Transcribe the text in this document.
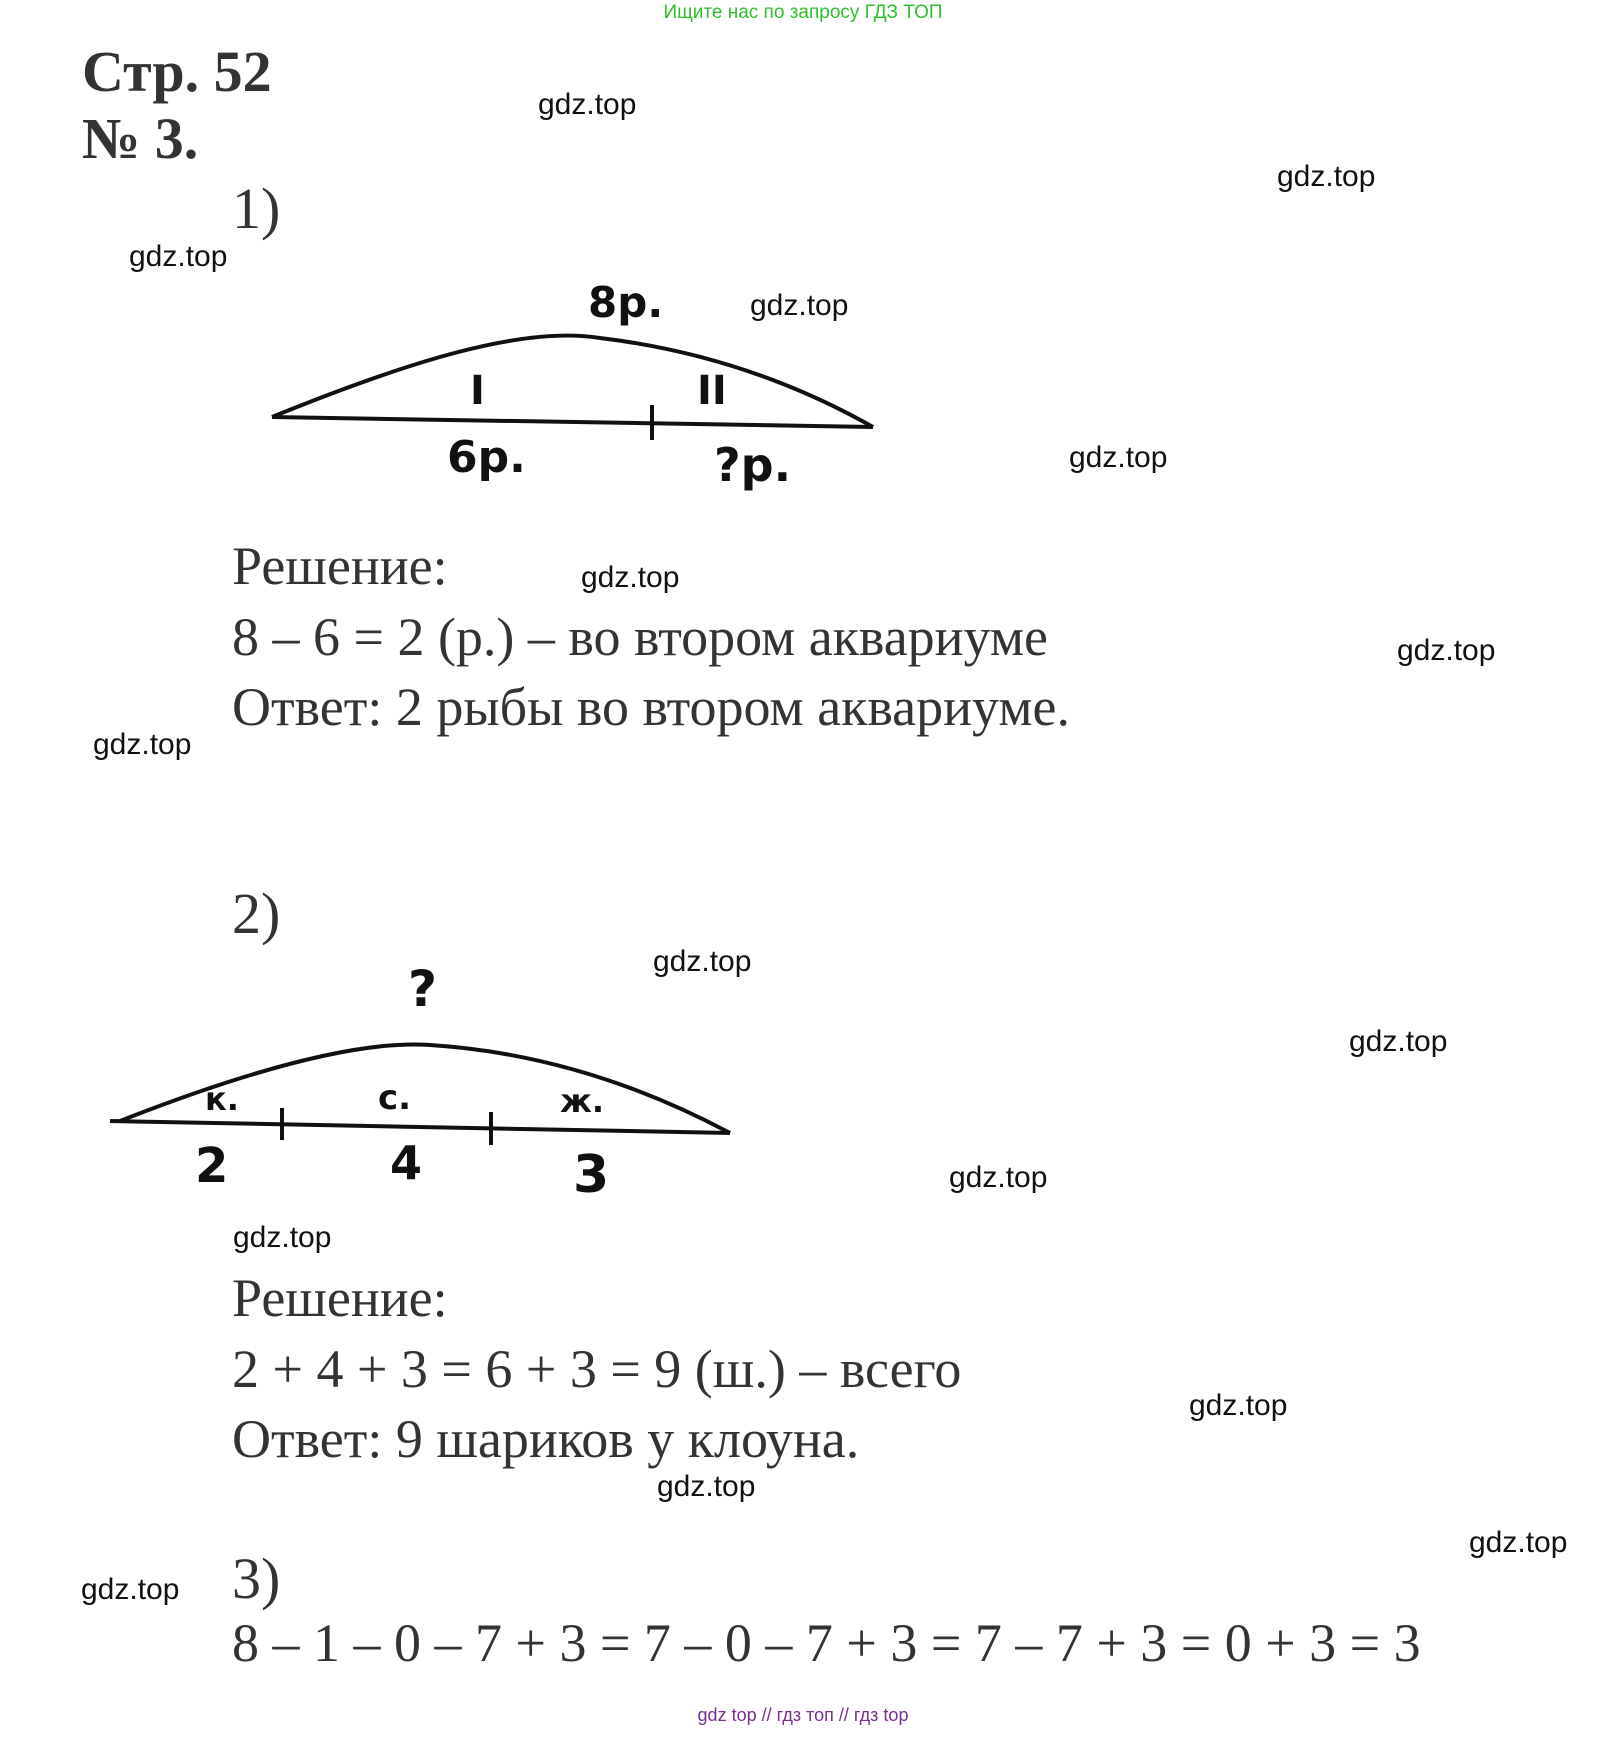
Ищите нас по запросу ГДЗ ТОП
Стр. 52
№ 3.
1)
8р.
I	II
6р.	?р.
Решение:
8 – 6 = 2 (р.) – во втором аквариуме
Ответ: 2 рыбы во втором аквариуме.
2)
?
к.	с.	ж.
2	4	3
Решение:
2 + 4 + 3 = 6 + 3 = 9 (ш.) – всего
Ответ: 9 шариков у клоуна.
3)
8 – 1 – 0 – 7 + 3 = 7 – 0 – 7 + 3 = 7 – 7 + 3 = 0 + 3 = 3
gdz.top
gdz.top
gdz.top
gdz.top
gdz.top
gdz.top
gdz.top
gdz.top
gdz.top
gdz.top
gdz.top
gdz.top
gdz.top
gdz.top
gdz.top
gdz.top
gdz top // гдз топ // гдз top
